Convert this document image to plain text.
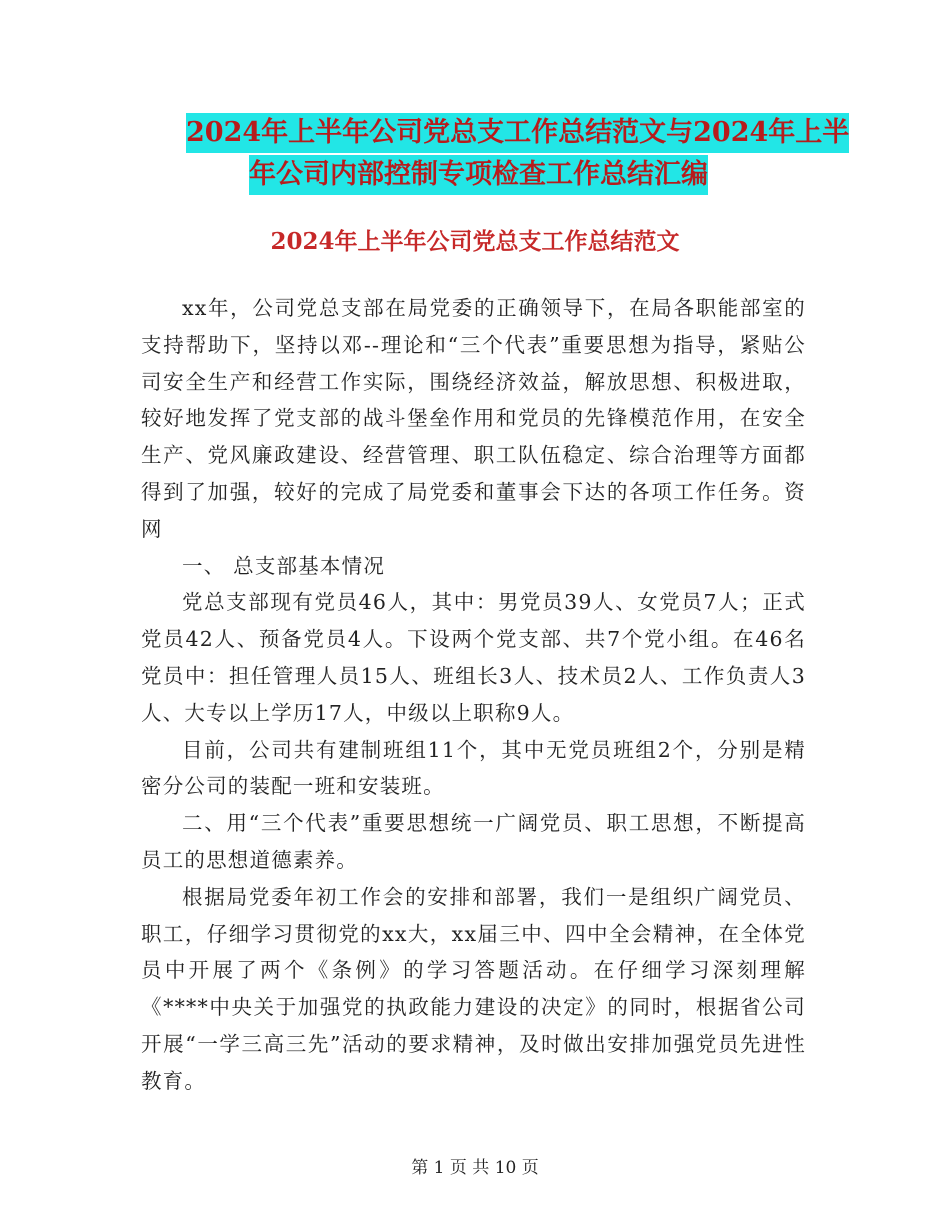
2024年上半年公司党总支工作总结范文与2024年上半
年公司内部控制专项检查工作总结汇编
2024年上半年公司党总支工作总结范文

xx年，公司党总支部在局党委的正确领导下，在局各职能部室的支持帮助下，坚持以邓--理论和“三个代表”重要思想为指导，紧贴公司安全生产和经营工作实际，围绕经济效益，解放思想、积极进取，较好地发挥了党支部的战斗堡垒作用和党员的先锋模范作用，在安全生产、党风廉政建设、经营管理、职工队伍稳定、综合治理等方面都得到了加强，较好的完成了局党委和董事会下达的各项工作任务。资网

一、 总支部基本情况

党总支部现有党员46人，其中：男党员39人、女党员7人；正式党员42人、预备党员4人。下设两个党支部、共7个党小组。在46名党员中：担任管理人员15人、班组长3人、技术员2人、工作负责人3人、大专以上学历17人，中级以上职称9人。

目前，公司共有建制班组11个，其中无党员班组2个，分别是精密分公司的装配一班和安装班。

二、用“三个代表”重要思想统一广阔党员、职工思想，不断提高员工的思想道德素养。

根据局党委年初工作会的安排和部署，我们一是组织广阔党员、职工，仔细学习贯彻党的xx大，xx届三中、四中全会精神，在全体党员中开展了两个《条例》的学习答题活动。在仔细学习深刻理解《****中央关于加强党的执政能力建设的决定》的同时，根据省公司开展“一学三高三先”活动的要求精神，及时做出安排加强党员先进性教育。

第 1 页 共 10 页
